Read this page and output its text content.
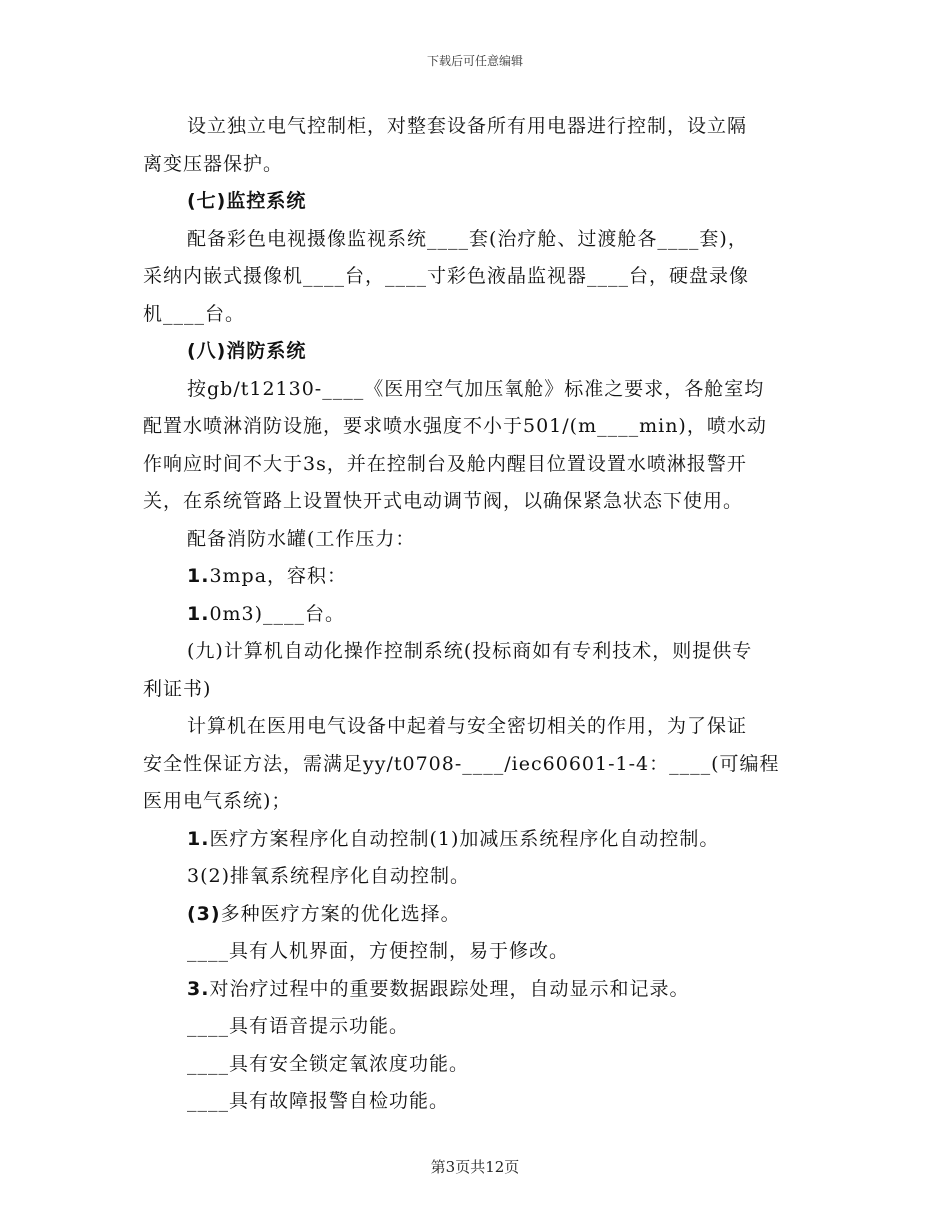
下载后可任意编辑
设立独立电气控制柜，对整套设备所有用电器进行控制，设立隔
离变压器保护。
(七)监控系统
配备彩色电视摄像监视系统____套(治疗舱、过渡舱各____套)，
采纳内嵌式摄像机____台，____寸彩色液晶监视器____台，硬盘录像
机____台。
(八)消防系统
按gb/t12130-____《医用空气加压氧舱》标准之要求，各舱室均
配置水喷淋消防设施，要求喷水强度不小于501/(m____min)，喷水动
作响应时间不大于3s，并在控制台及舱内醒目位置设置水喷淋报警开
关，在系统管路上设置快开式电动调节阀，以确保紧急状态下使用。
配备消防水罐(工作压力：
1.3mpa，容积：
1.0m3)____台。
(九)计算机自动化操作控制系统(投标商如有专利技术，则提供专
利证书)
计算机在医用电气设备中起着与安全密切相关的作用，为了保证
安全性保证方法，需满足yy/t0708-____/iec60601-1-4：____(可编程
医用电气系统)；
1.医疗方案程序化自动控制(1)加减压系统程序化自动控制。
3(2)排氧系统程序化自动控制。
(3)多种医疗方案的优化选择。
____具有人机界面，方便控制，易于修改。
3.对治疗过程中的重要数据跟踪处理，自动显示和记录。
____具有语音提示功能。
____具有安全锁定氧浓度功能。
____具有故障报警自检功能。
第3页共12页
